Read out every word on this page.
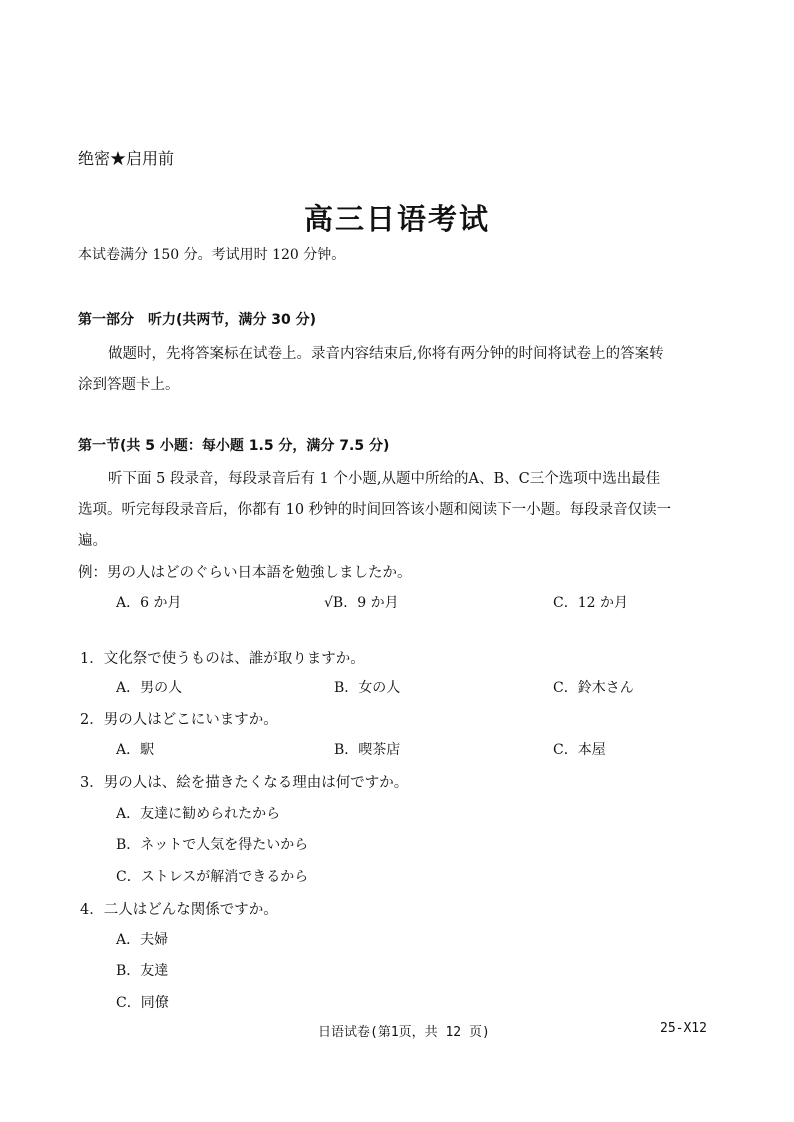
绝密★启用前
高三日语考试
本试卷满分 150 分。考试用时 120 分钟。
第一部分　听力(共两节，满分 30 分)
做题时，先将答案标在试卷上。录音内容结束后,你将有两分钟的时间将试卷上的答案转
涂到答题卡上。
第一节(共 5 小题：每小题 1.5 分，满分 7.5 分)
听下面 5 段录音，每段录音后有 1 个小题,从题中所给的A、B、C三个选项中选出最佳
选项。听完每段录音后，你都有 10 秒钟的时间回答该小题和阅读下一小题。每段录音仅读一
遍。
例：男の人はどのぐらい日本語を勉強しましたか。
A．6 か月	√B．9 か月	C．12 か月
1．文化祭で使うものは、誰が取りますか。
A．男の人	B．女の人	C．鈴木さん
2．男の人はどこにいますか。
A．駅	B．喫茶店	C．本屋
3．男の人は、絵を描きたくなる理由は何ですか。
A．友達に勧められたから
B．ネットで人気を得たいから
C．ストレスが解消できるから
4．二人はどんな関係ですか。
A．夫婦
B．友達
C．同僚
日语试卷(第1页，共 12 页)	25-X12
